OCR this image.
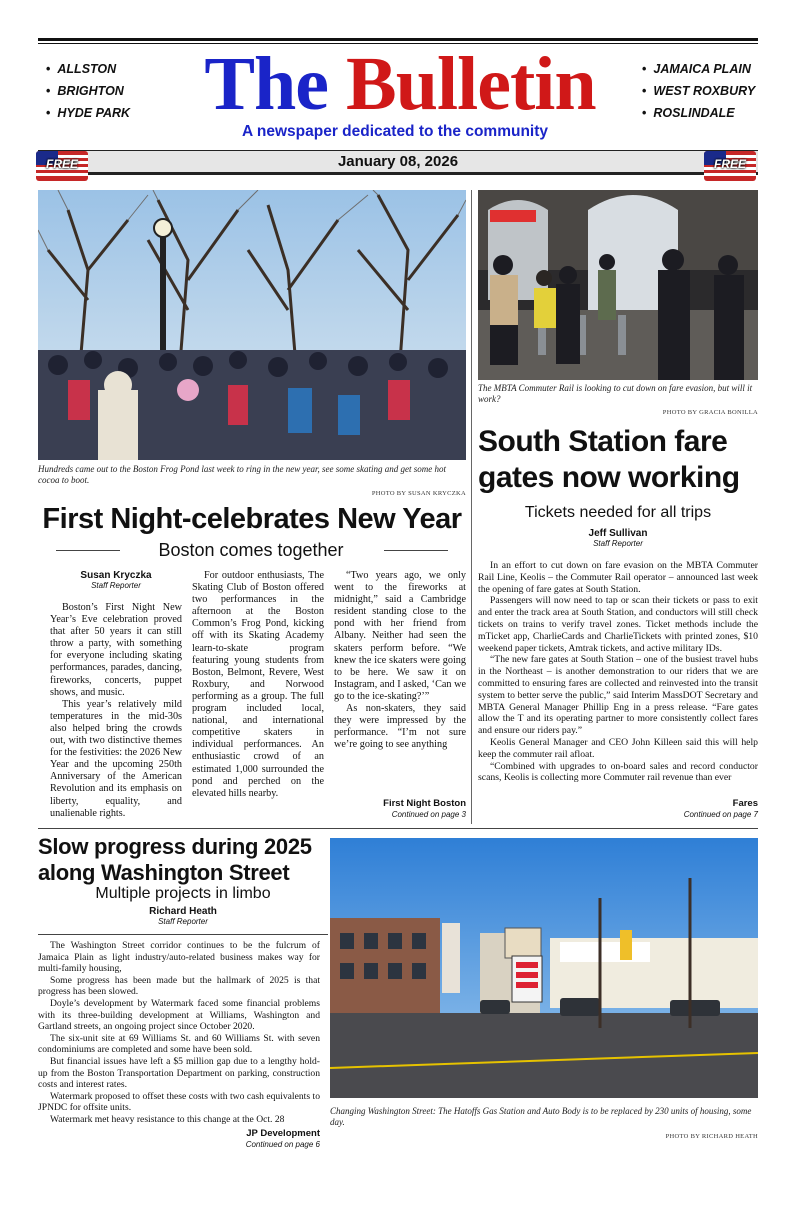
• ALLSTON
• BRIGHTON
• HYDE PARK The Bulletin	• JAMAICA PLAIN
• WEST ROXBURY
• ROSLINDALE
A newspaper dedicated to the community
January 08, 2026
FREE	FREE
Hundreds came out to the Boston Frog Pond last week to ring in the new year, see some skating and get some hot cocoa to boot.
PHOTO BY SUSAN KRYCZKA
First Night-celebrates New Year
Boston comes together
Susan Kryczka
Staff Reporter

Boston’s First Night New Year’s Eve celebration proved that after 50 years it can still throw a party, with something for everyone including skating performances, parades, dancing, fireworks, concerts, puppet shows, and music.

This year’s relatively mild temperatures in the mid-30s also helped bring the crowds out, with two distinctive themes for the festivities: the 2026 New Year and the upcoming 250th Anniversary of the American Revolution and its emphasis on liberty, equality, and unalienable rights.

For outdoor enthusiasts, The Skating Club of Boston offered two performances in the afternoon at the Boston Common’s Frog Pond, kicking off with its Skating Academy learn-to-skate program featuring young students from Boston, Belmont, Revere, West Roxbury, and Norwood performing as a group. The full program included local, national, and international competitive skaters in individual performances. An enthusiastic crowd of an estimated 1,000 surrounded the pond and perched on the elevated hills nearby.

“Two years ago, we only went to the fireworks at midnight,” said a Cambridge resident standing close to the pond with her friend from Albany. Neither had seen the skaters perform before. “We knew the ice skaters were going to be here. We saw it on Instagram, and I asked, ‘Can we go to the ice-skating?’”

As non-skaters, they said they were impressed by the performance. “I’m not sure we’re going to see anything

First Night Boston
Continued on page 3
The MBTA Commuter Rail is looking to cut down on fare evasion, but will it work?
PHOTO BY GRACIA BONILLA
South Station fare gates now working
Tickets needed for all trips
Jeff Sullivan
Staff Reporter

In an effort to cut down on fare evasion on the MBTA Commuter Rail Line, Keolis – the Commuter Rail operator – announced last week the opening of fare gates at South Station.

Passengers will now need to tap or scan their tickets or pass to exit and enter the track area at South Station, and conductors will still check tickets on trains to verify travel zones. Ticket methods include the mTicket app, CharlieCards and CharlieTickets with printed zones, $10 weekend paper tickets, Amtrak tickets, and active military IDs.

“The new fare gates at South Station – one of the busiest travel hubs in the Northeast – is another demonstration to our riders that we are committed to ensuring fares are collected and reinvested into the transit system to better serve the public,” said Interim MassDOT Secretary and MBTA General Manager Phillip Eng in a press release. “Fare gates allow the T and its operating partner to more consistently collect fares and ensure our riders pay.”

Keolis General Manager and CEO John Killeen said this will help keep the commuter rail afloat.

“Combined with upgrades to on-board sales and record conductor scans, Keolis is collecting more Commuter rail revenue than ever

Fares
Continued on page 7
Slow progress during 2025 along Washington Street
Multiple projects in limbo
Richard Heath
Staff Reporter

The Washington Street corridor continues to be the fulcrum of Jamaica Plain as light industry/auto-related business makes way for multi-family housing,

Some progress has been made but the hallmark of 2025 is that progress has been slowed.

Doyle’s development by Watermark faced some financial problems with its three-building development at Williams, Washington and Gartland streets, an ongoing project since October 2020.

The six-unit site at 69 Williams St. and 60 Williams St. with seven condominiums are completed and some have been sold.

But financial issues have left a $5 million gap due to a lengthy hold-up from the Boston Transportation Department on parking, construction costs and interest rates.

Watermark proposed to offset these costs with two cash equivalents to JPNDC for offsite units.

Watermark met heavy resistance to this change at the Oct. 28

JP Development
Continued on page 6
Changing Washington Street: The Hatoffs Gas Station and Auto Body is to be replaced by 230 units of housing, some day.
PHOTO BY RICHARD HEATH
